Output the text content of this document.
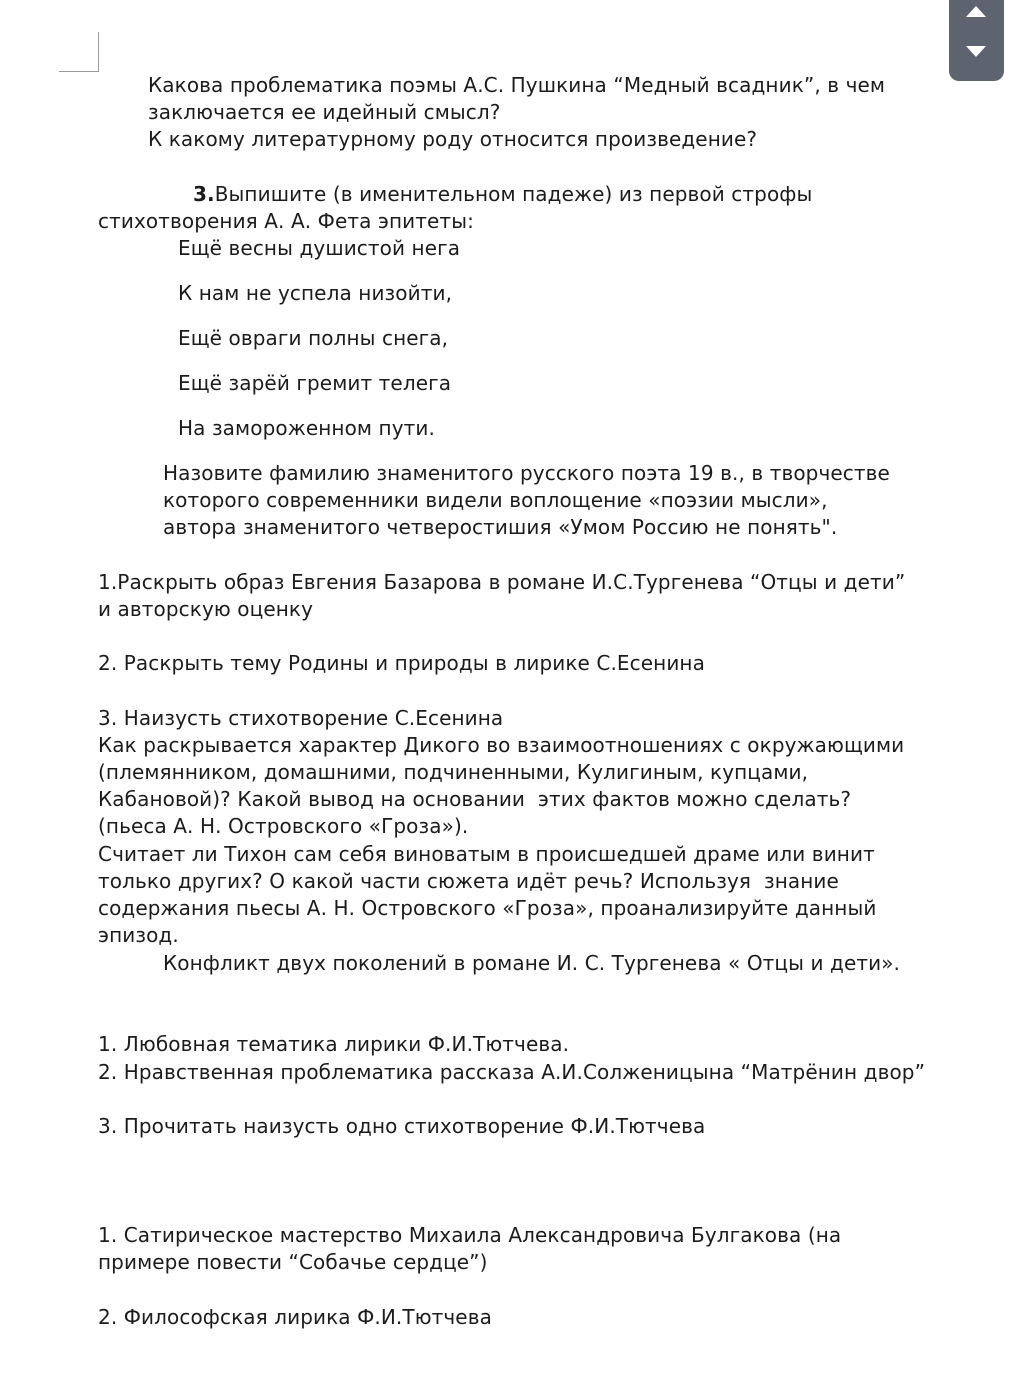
Какова проблематика поэмы А.С. Пушкина “Медный всадник”, в чем
заключается ее идейный смысл?
К какому литературному роду относится произведение?
3.Выпишите (в именительном падеже) из первой строфы
стихотворения А. А. Фета эпитеты:
Ещё весны душистой нега
К нам не успела низойти,
Ещё овраги полны снега,
Ещё зарёй гремит телега
На замороженном пути.
Назовите фамилию знаменитого русского поэта 19 в., в творчестве
которого современники видели воплощение «поэзии мысли»,
автора знаменитого четверостишия «Умом Россию не понять".
1.Раскрыть образ Евгения Базарова в романе И.С.Тургенева “Отцы и дети”
и авторскую оценку
2. Раскрыть тему Родины и природы в лирике С.Есенина
3. Наизусть стихотворение С.Есенина
Как раскрывается характер Дикого во взаимоотношениях с окружающими
(племянником, домашними, подчиненными, Кулигиным, купцами,
Кабановой)? Какой вывод на основании  этих фактов можно сделать?
(пьеса А. Н. Островского «Гроза»).
Считает ли Тихон сам себя виноватым в происшедшей драме или винит
только других? О какой части сюжета идёт речь? Используя  знание
содержания пьесы А. Н. Островского «Гроза», проанализируйте данный
эпизод.
Конфликт двух поколений в романе И. С. Тургенева « Отцы и дети».
1. Любовная тематика лирики Ф.И.Тютчева.
2. Нравственная проблематика рассказа А.И.Солженицына “Матрёнин двор”
3. Прочитать наизусть одно стихотворение Ф.И.Тютчева
1. Сатирическое мастерство Михаила Александровича Булгакова (на
примере повести “Собачье сердце”)
2. Философская лирика Ф.И.Тютчева
